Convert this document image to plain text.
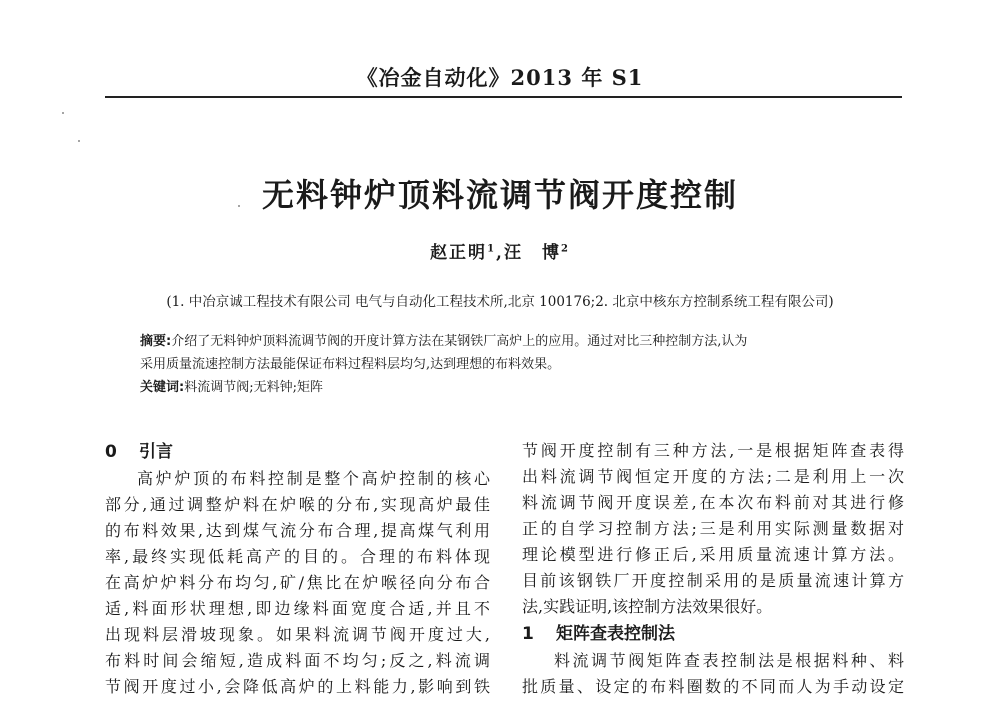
《冶金自动化》2013 年 S1
无料钟炉顶料流调节阀开度控制
赵正明$^1$,汪　博$^2$
(1. 中冶京诚工程技术有限公司 电气与自动化工程技术所,北京 100176;2. 北京中核东方控制系统工程有限公司)
摘要:介绍了无料钟炉顶料流调节阀的开度计算方法在某钢铁厂高炉上的应用。通过对比三种控制方法,认为
采用质量流速控制方法最能保证布料过程料层均匀,达到理想的布料效果。
关键词:料流调节阀;无料钟;矩阵
0 引言
高炉炉顶的布料控制是整个高炉控制的核心
部分,通过调整炉料在炉喉的分布,实现高炉最佳
的布料效果,达到煤气流分布合理,提高煤气利用
率,最终实现低耗高产的目的。合理的布料体现
在高炉炉料分布均匀,矿/焦比在炉喉径向分布合
适,料面形状理想,即边缘料面宽度合适,并且不
出现料层滑坡现象。如果料流调节阀开度过大,
布料时间会缩短,造成料面不均匀;反之,料流调
节阀开度过小,会降低高炉的上料能力,影响到铁
节阀开度控制有三种方法,一是根据矩阵查表得
出料流调节阀恒定开度的方法;二是利用上一次
料流调节阀开度误差,在本次布料前对其进行修
正的自学习控制方法;三是利用实际测量数据对
理论模型进行修正后,采用质量流速计算方法。
目前该钢铁厂开度控制采用的是质量流速计算方
法,实践证明,该控制方法效果很好。
1 矩阵查表控制法
料流调节阀矩阵查表控制法是根据料种、料
批质量、设定的布料圈数的不同而人为手动设定
